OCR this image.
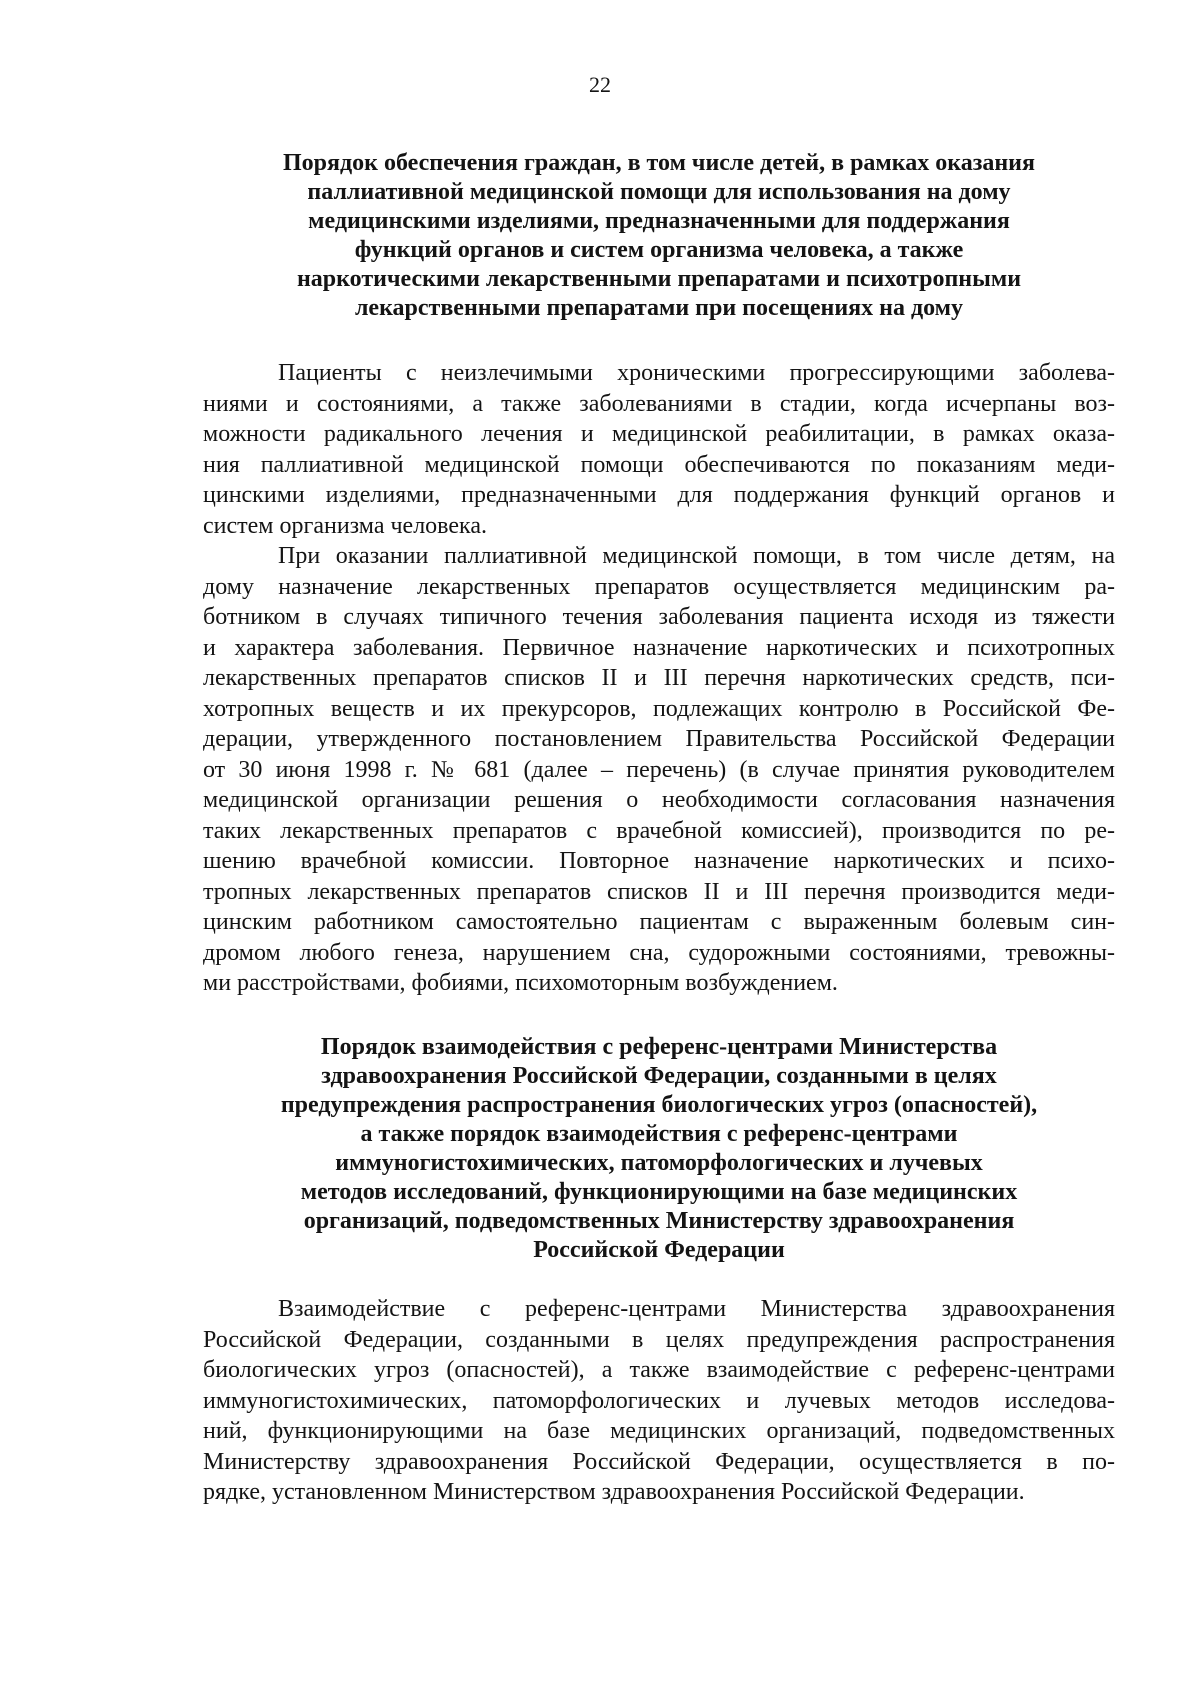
22
Порядок обеспечения граждан, в том числе детей, в рамках оказания
паллиативной медицинской помощи для использования на дому
медицинскими изделиями, предназначенными для поддержания
функций органов и систем организма человека, а также
наркотическими лекарственными препаратами и психотропными
лекарственными препаратами при посещениях на дому

Пациенты с неизлечимыми хроническими прогрессирующими заболева-
ниями и состояниями, а также заболеваниями в стадии, когда исчерпаны воз-
можности радикального лечения и медицинской реабилитации, в рамках оказа-
ния паллиативной медицинской помощи обеспечиваются по показаниям меди-
цинскими изделиями, предназначенными для поддержания функций органов и
систем организма человека.

При оказании паллиативной медицинской помощи, в том числе детям, на
дому назначение лекарственных препаратов осуществляется медицинским ра-
ботником в случаях типичного течения заболевания пациента исходя из тяжести
и характера заболевания. Первичное назначение наркотических и психотропных
лекарственных препаратов списков II и III перечня наркотических средств, пси-
хотропных веществ и их прекурсоров, подлежащих контролю в Российской Фе-
дерации, утвержденного постановлением Правительства Российской Федерации
от 30 июня 1998 г. № 681 (далее – перечень) (в случае принятия руководителем
медицинской организации решения о необходимости согласования назначения
таких лекарственных препаратов с врачебной комиссией), производится по ре-
шению врачебной комиссии. Повторное назначение наркотических и психо-
тропных лекарственных препаратов списков II и III перечня производится меди-
цинским работником самостоятельно пациентам с выраженным болевым син-
дромом любого генеза, нарушением сна, судорожными состояниями, тревожны-
ми расстройствами, фобиями, психомоторным возбуждением.

Порядок взаимодействия с референс-центрами Министерства
здравоохранения Российской Федерации, созданными в целях
предупреждения распространения биологических угроз (опасностей),
а также порядок взаимодействия с референс-центрами
иммуногистохимических, патоморфологических и лучевых
методов исследований, функционирующими на базе медицинских
организаций, подведомственных Министерству здравоохранения
Российской Федерации

Взаимодействие с референс-центрами Министерства здравоохранения
Российской Федерации, созданными в целях предупреждения распространения
биологических угроз (опасностей), а также взаимодействие с референс-центрами
иммуногистохимических, патоморфологических и лучевых методов исследова-
ний, функционирующими на базе медицинских организаций, подведомственных
Министерству здравоохранения Российской Федерации, осуществляется в по-
рядке, установленном Министерством здравоохранения Российской Федерации.
